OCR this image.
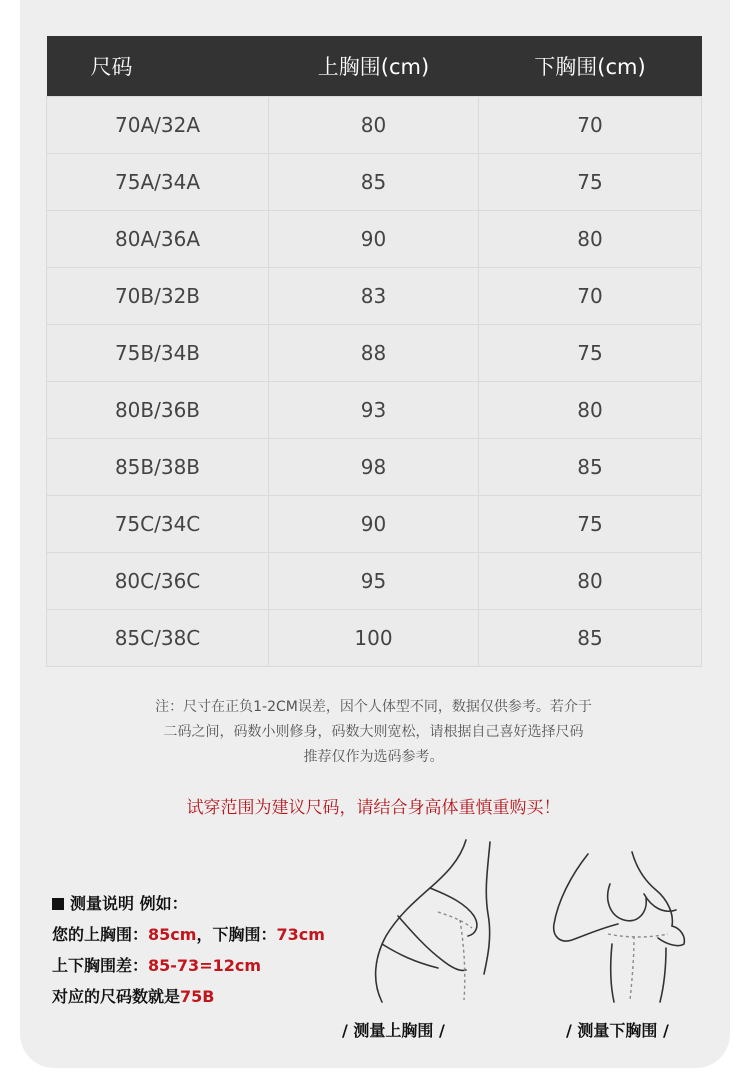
尺码	上胸围(cm)	下胸围(cm)
70A/32A	80	70
75A/34A	85	75
80A/36A	90	80
70B/32B	83	70
75B/34B	88	75
80B/36B	93	80
85B/38B	98	85
75C/34C	90	75
80C/36C	95	80
85C/38C	100	85
注：尺寸在正负1-2CM误差，因个人体型不同，数据仅供参考。若介于
二码之间，码数小则修身，码数大则宽松，请根据自己喜好选择尺码
推荐仅作为选码参考。
试穿范围为建议尺码，请结合身高体重慎重购买！
测量说明 例如：
您的上胸围：85cm，下胸围：73cm
上下胸围差：85-73=12cm
对应的尺码数就是75B
/ 测量上胸围 /	/ 测量下胸围 /
